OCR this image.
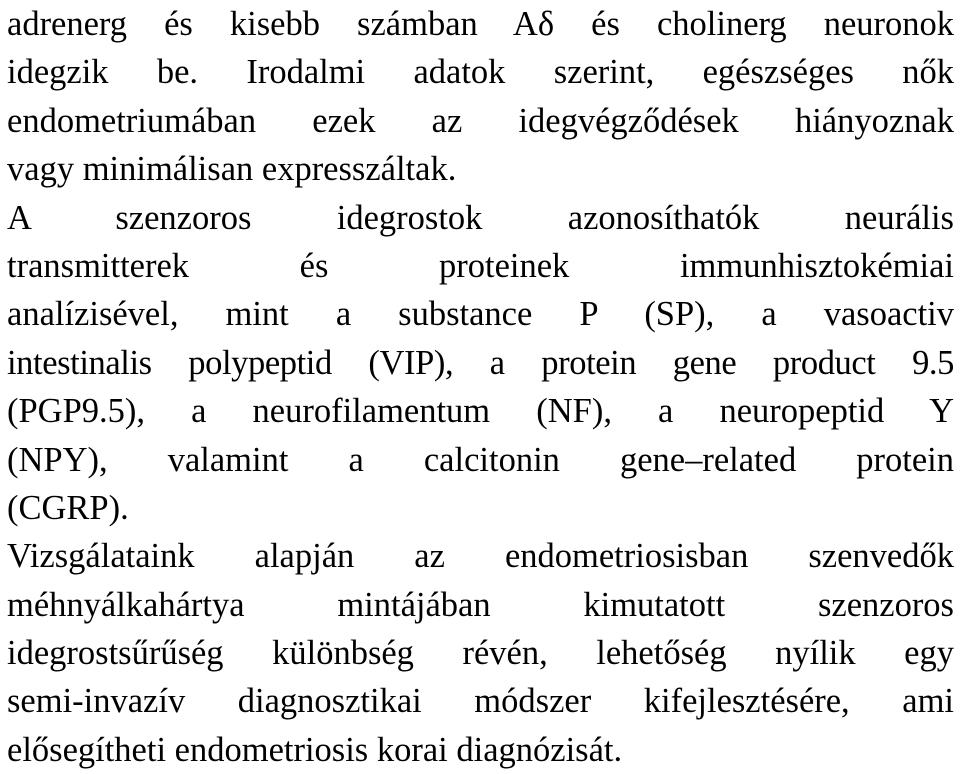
adrenerg és kisebb számban Aδ és cholinerg neuronok
idegzik be. Irodalmi adatok szerint, egészséges nők
endometriumában ezek az idegvégződések hiányoznak
vagy minimálisan expresszáltak.

A szenzoros idegrostok azonosíthatók neurális
transmitterek és proteinek immunhisztokémiai
analízisével, mint a substance P (SP), a vasoactiv
intestinalis polypeptid (VIP), a protein gene product 9.5
(PGP9.5), a neurofilamentum (NF), a neuropeptid Y
(NPY), valamint a calcitonin gene–related protein
(CGRP).

Vizsgálataink alapján az endometriosisban szenvedők
méhnyálkahártya mintájában kimutatott szenzoros
idegrostsűrűség különbség révén, lehetőség nyílik egy
semi-invazív diagnosztikai módszer kifejlesztésére, ami
elősegítheti endometriosis korai diagnózisát.
